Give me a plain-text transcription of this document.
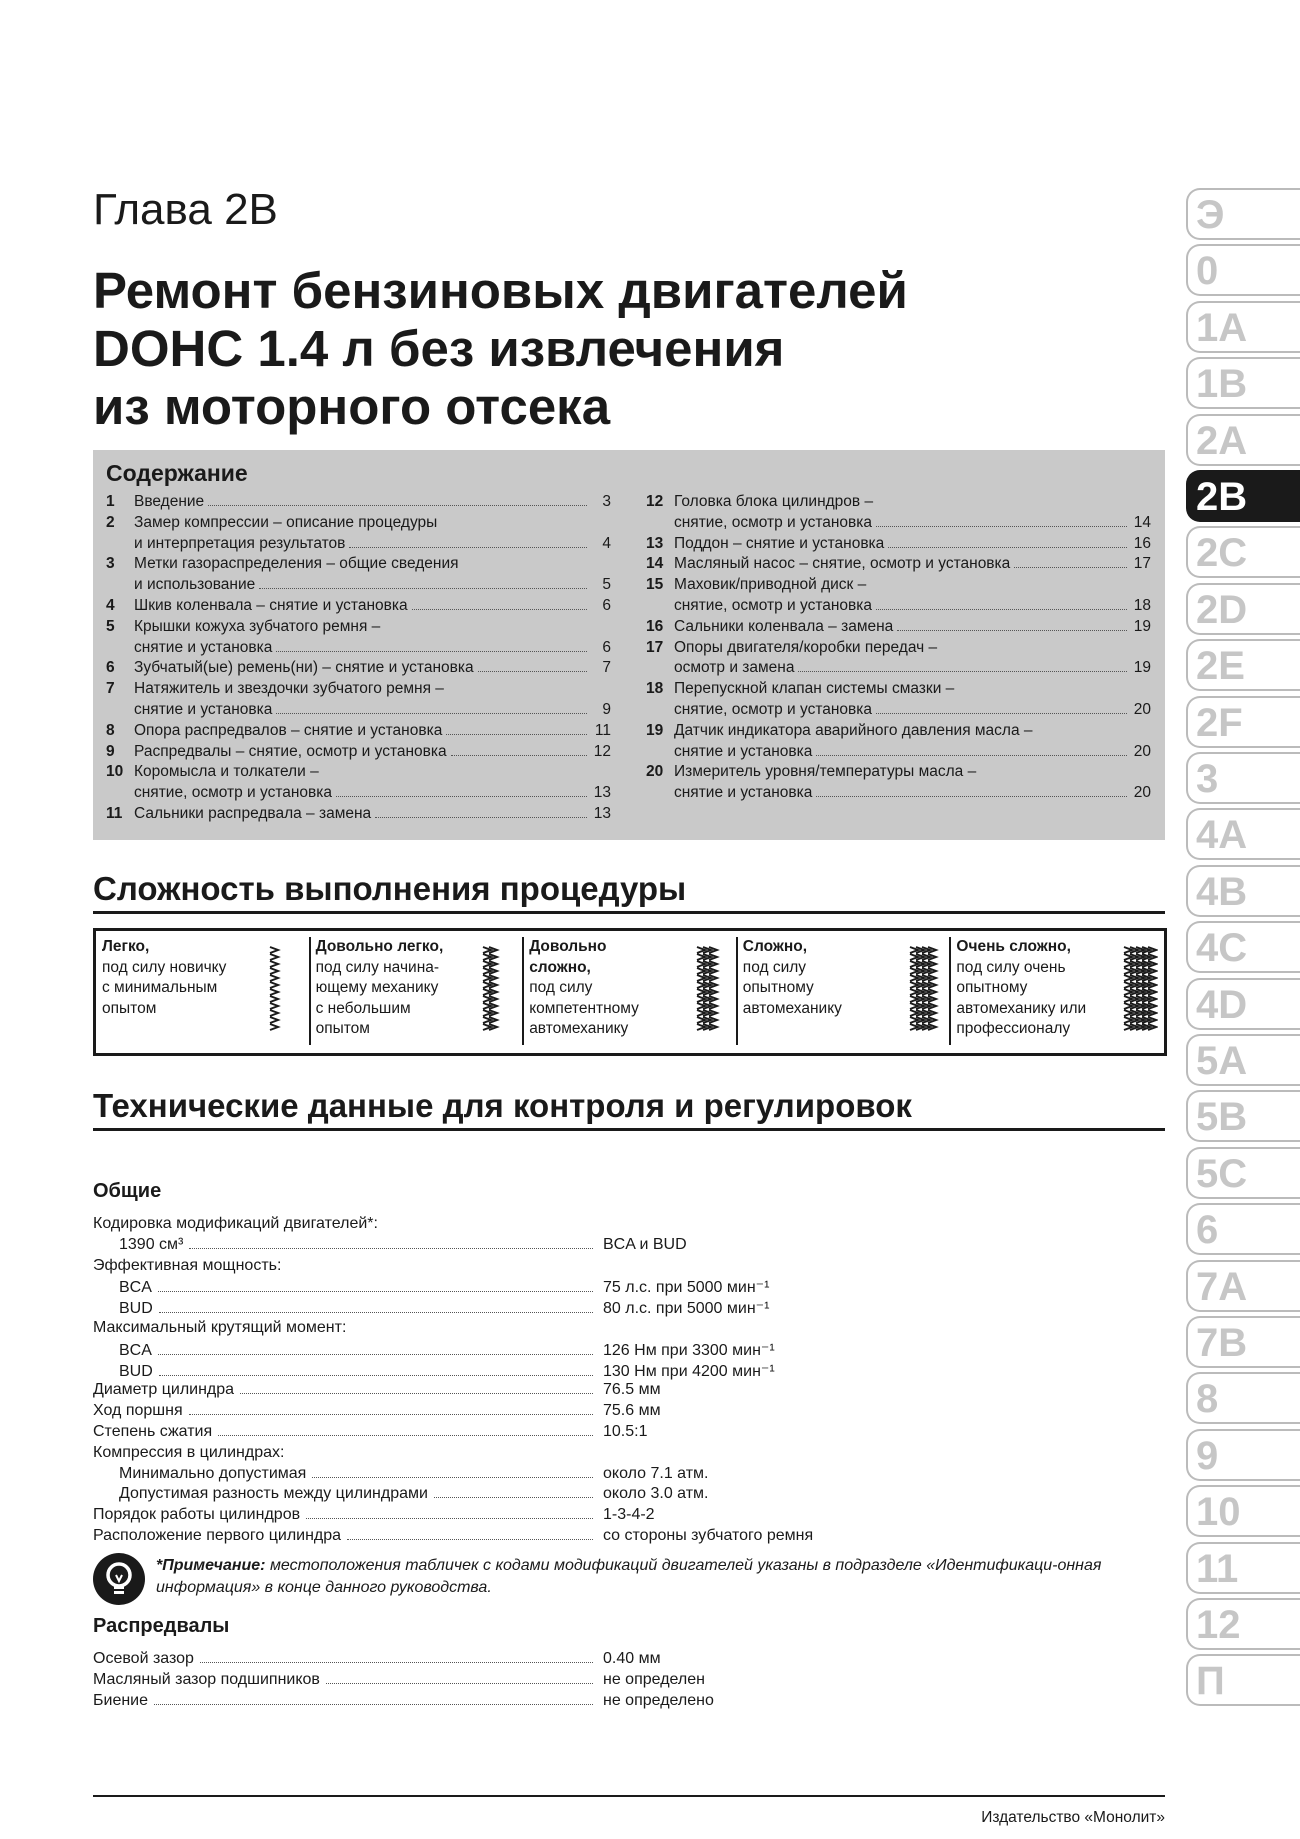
Глава 2В
Ремонт бензиновых двигателей
DOHC 1.4 л без извлечения
из моторного отсека
Содержание
1	Введение	3
2	Замер компрессии – описание процедуры
и интерпретация результатов	4
3	Метки газораспределения – общие сведения
и использование	5
4	Шкив коленвала – снятие и установка	6
5	Крышки кожуха зубчатого ремня –
снятие и установка	6
6	Зубчатый(ые) ремень(ни) – снятие и установка	7
7	Натяжитель и звездочки зубчатого ремня –
снятие и установка	9
8	Опора распредвалов – снятие и установка	11
9	Распредвалы – снятие, осмотр и установка	12
10 Коромысла и толкатели –
снятие, осмотр и установка	13
11 Сальники распредвала – замена	13
12 Головка блока цилиндров –
снятие, осмотр и установка	14
13 Поддон – снятие и установка	16
14 Масляный насос – снятие, осмотр и установка	17
15 Маховик/приводной диск –
снятие, осмотр и установка	18
16 Сальники коленвала – замена	19
17 Опоры двигателя/коробки передач –
осмотр и замена	19
18 Перепускной клапан системы смазки –
снятие, осмотр и установка	20
19 Датчик индикатора аварийного давления масла –
снятие и установка	20
20 Измеритель уровня/температуры масла –
снятие и установка	20
Сложность выполнения процедуры
Легко,
под силу новичку
с минимальным
опытом
Довольно легко,
под силу начина-
ющему механику
с небольшим
опытом
Довольно
сложно,
под силу
компетентному
автомеханику
Сложно,
под силу
опытному
автомеханику
Очень сложно,
под силу очень
опытному
автомеханику или
профессионалу
Технические данные для контроля и регулировок
Общие
Кодировка модификаций двигателей*:
1390 см³	BCA и BUD
Эффективная мощность:
BCA	75 л.с. при 5000 мин⁻¹
BUD	80 л.с. при 5000 мин⁻¹
Максимальный крутящий момент:
BCA	126 Нм при 3300 мин⁻¹
BUD	130 Нм при 4200 мин⁻¹
Диаметр цилиндра	76.5 мм
Ход поршня	75.6 мм
Степень сжатия	10.5:1
Компрессия в цилиндрах:
Минимально допустимая	около 7.1 атм.
Допустимая разность между цилиндрами	около 3.0 атм.
Порядок работы цилиндров	1-3-4-2
Расположение первого цилиндра	со стороны зубчатого ремня
*Примечание: местоположения табличек с кодами модификаций двигателей указаны в подразделе «Идентификаци-онная информация» в конце данного руководства.
Распредвалы
Осевой зазор	0.40 мм
Масляный зазор подшипников	не определен
Биение	не определено
Издательство «Монолит»
Э
0
1A
1B
2A
2B
2C
2D
2E
2F
3
4A
4B
4C
4D
5A
5B
5C
6
7A
7B
8
9
10
11
12
П
